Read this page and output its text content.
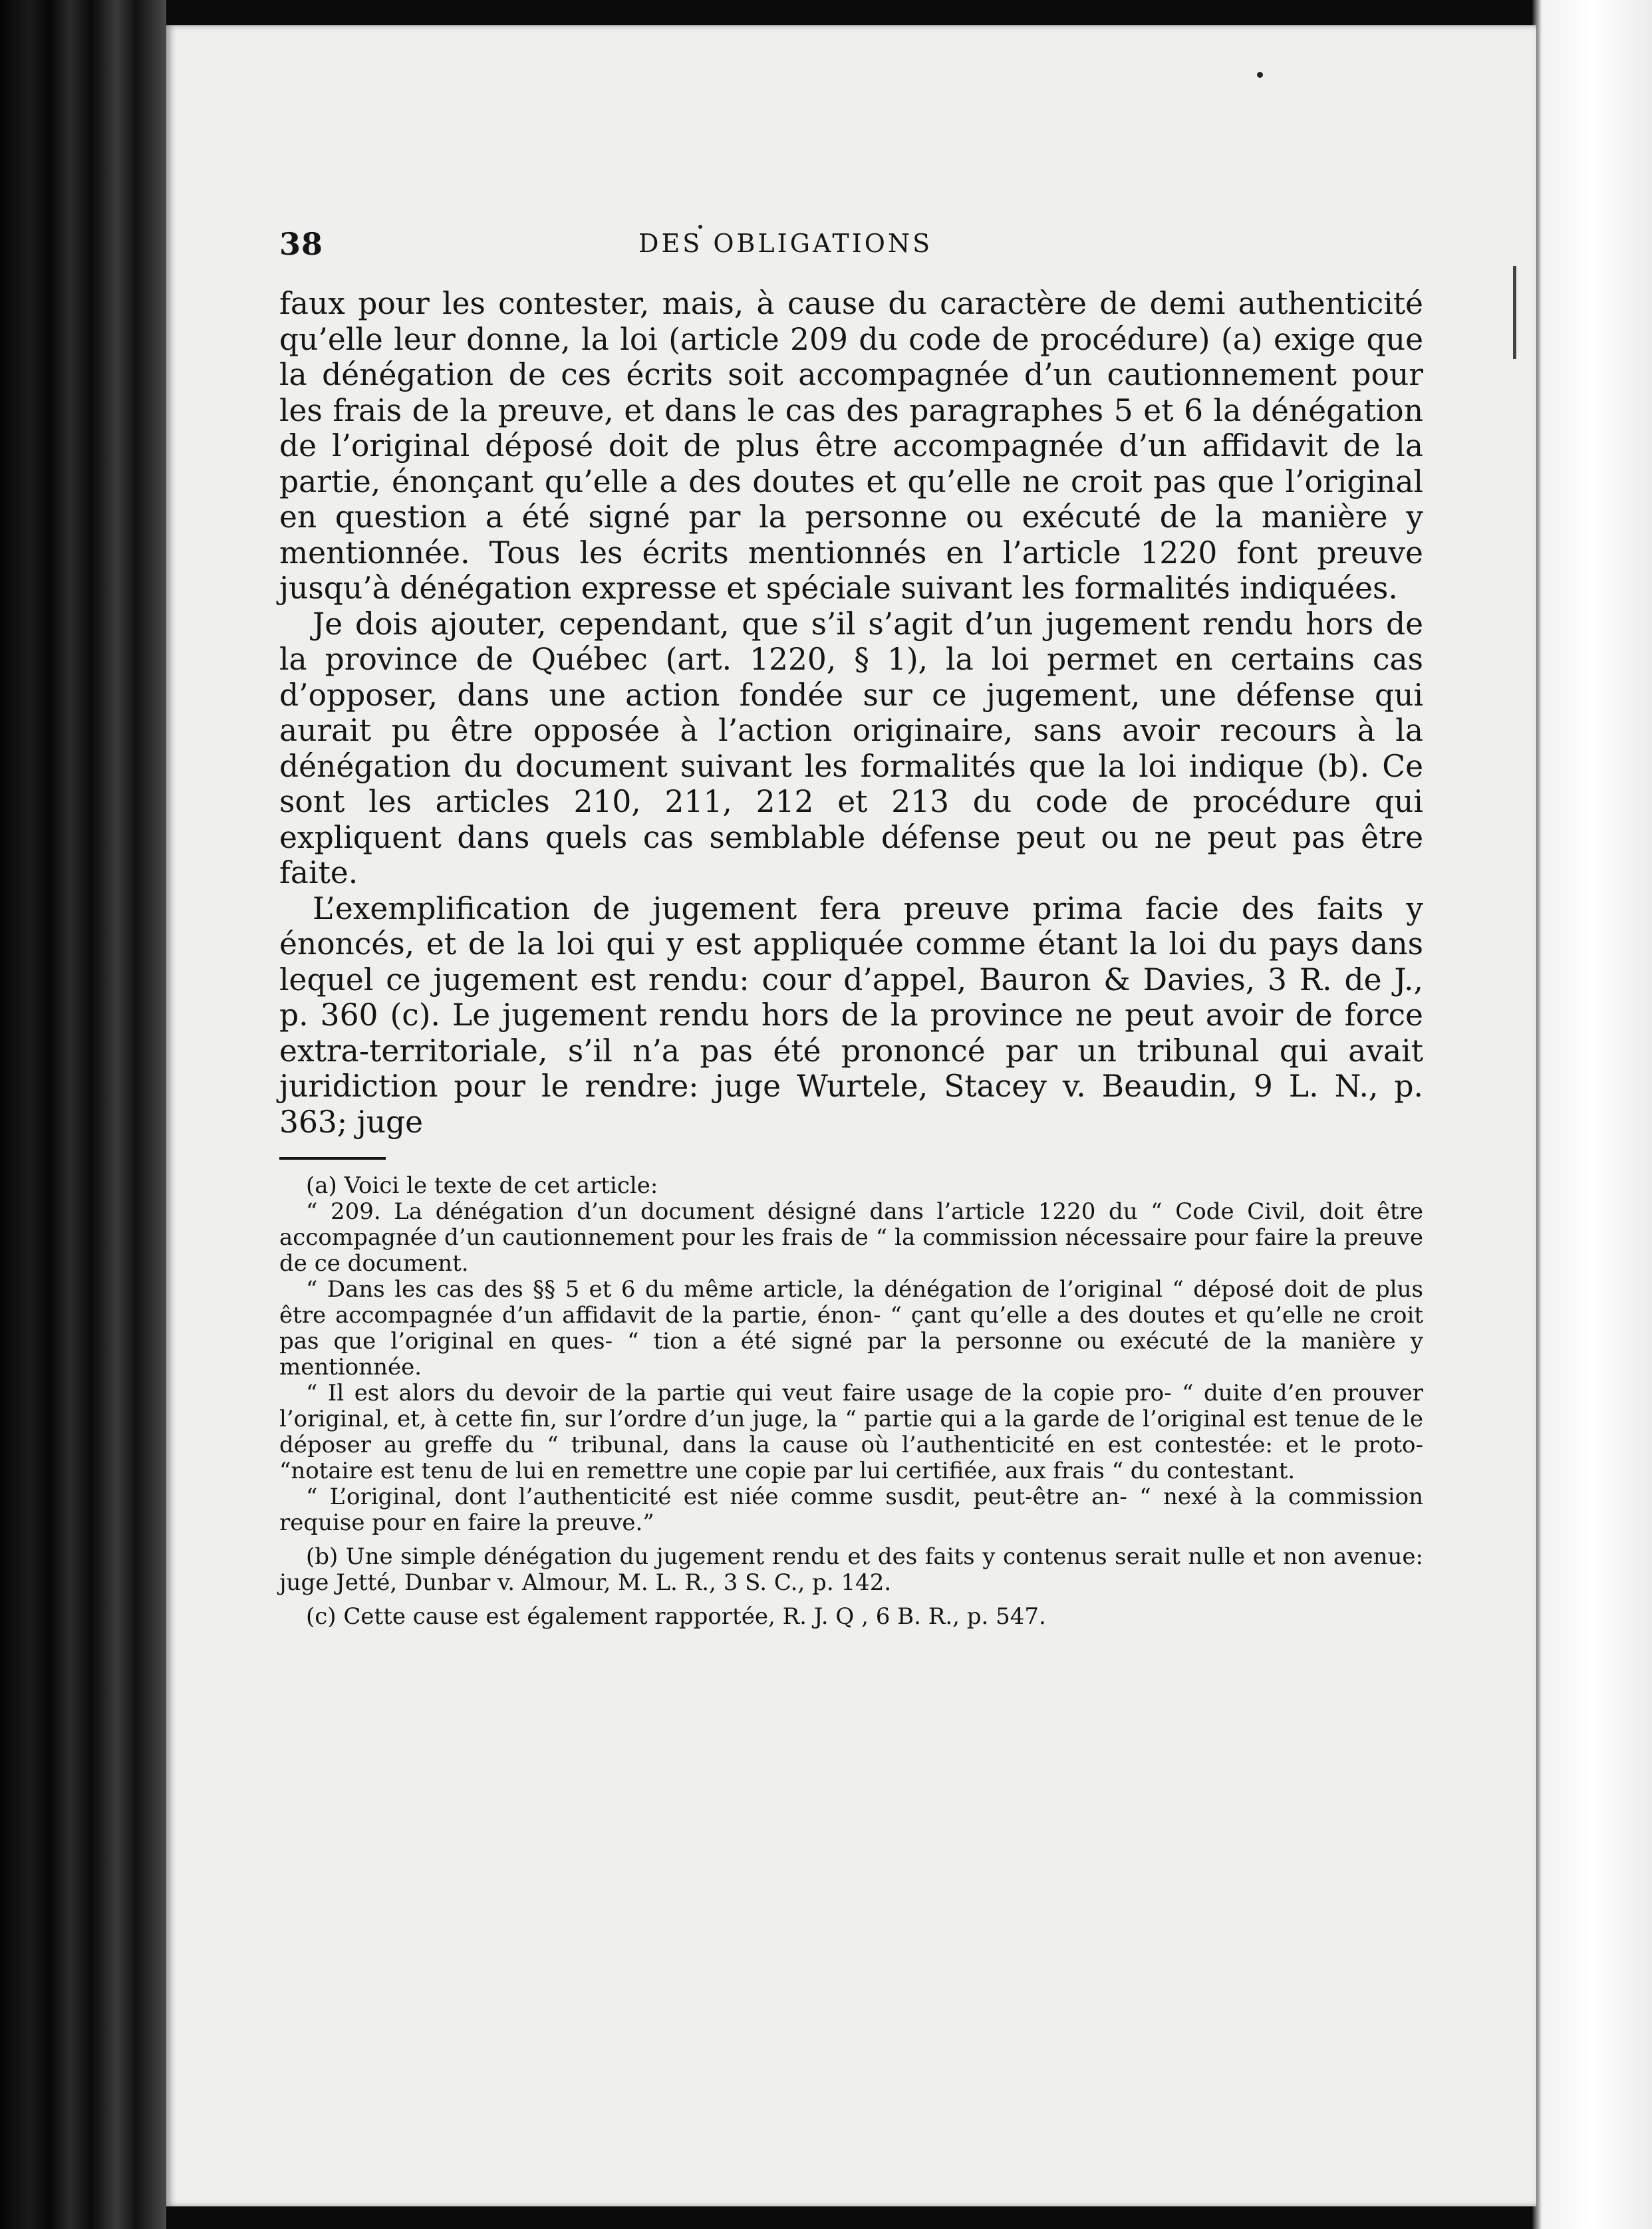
38	DES OBLIGATIONS

faux pour les contester, mais, à cause du caractère de demi authenticité qu’elle leur donne, la loi (article 209 du code de procédure) (a) exige que la dénégation de ces écrits soit accompagnée d’un cautionnement pour les frais de la preuve, et dans le cas des paragraphes 5 et 6 la dénégation de l’original déposé doit de plus être accompagnée d’un affidavit de la partie, énonçant qu’elle a des doutes et qu’elle ne croit pas que l’original en question a été signé par la personne ou exécuté de la manière y mentionnée. Tous les écrits mentionnés en l’article 1220 font preuve jusqu’à dénégation expresse et spéciale suivant les formalités indiquées.

Je dois ajouter, cependant, que s’il s’agit d’un jugement rendu hors de la province de Québec (art. 1220, § 1), la loi permet en certains cas d’opposer, dans une action fondée sur ce jugement, une défense qui aurait pu être opposée à l’action originaire, sans avoir recours à la dénégation du document suivant les formalités que la loi indique (b). Ce sont les articles 210, 211, 212 et 213 du code de procédure qui expliquent dans quels cas semblable défense peut ou ne peut pas être faite.

L’exemplification de jugement fera preuve prima facie des faits y énoncés, et de la loi qui y est appliquée comme étant la loi du pays dans lequel ce jugement est rendu: cour d’appel, Bauron & Davies, 3 R. de J., p. 360 (c). Le jugement rendu hors de la province ne peut avoir de force extra-territoriale, s’il n’a pas été prononcé par un tribunal qui avait juridiction pour le rendre: juge Wurtele, Stacey v. Beaudin, 9 L. N., p. 363; juge

(a) Voici le texte de cet article:

“ 209. La dénégation d’un document désigné dans l’article 1220 du “ Code Civil, doit être accompagnée d’un cautionnement pour les frais de “ la commission nécessaire pour faire la preuve de ce document.

“ Dans les cas des §§ 5 et 6 du même article, la dénégation de l’original “ déposé doit de plus être accompagnée d’un affidavit de la partie, énon- “ çant qu’elle a des doutes et qu’elle ne croit pas que l’original en ques- “ tion a été signé par la personne ou exécuté de la manière y mentionnée.

“ Il est alors du devoir de la partie qui veut faire usage de la copie pro- “ duite d’en prouver l’original, et, à cette fin, sur l’ordre d’un juge, la “ partie qui a la garde de l’original est tenue de le déposer au greffe du “ tribunal, dans la cause où l’authenticité en est contestée: et le proto- “notaire est tenu de lui en remettre une copie par lui certifiée, aux frais “ du contestant.

“ L’original, dont l’authenticité est niée comme susdit, peut-être an- “ nexé à la commission requise pour en faire la preuve.”

(b) Une simple dénégation du jugement rendu et des faits y contenus serait nulle et non avenue: juge Jetté, Dunbar v. Almour, M. L. R., 3 S. C., p. 142.

(c) Cette cause est également rapportée, R. J. Q , 6 B. R., p. 547.
